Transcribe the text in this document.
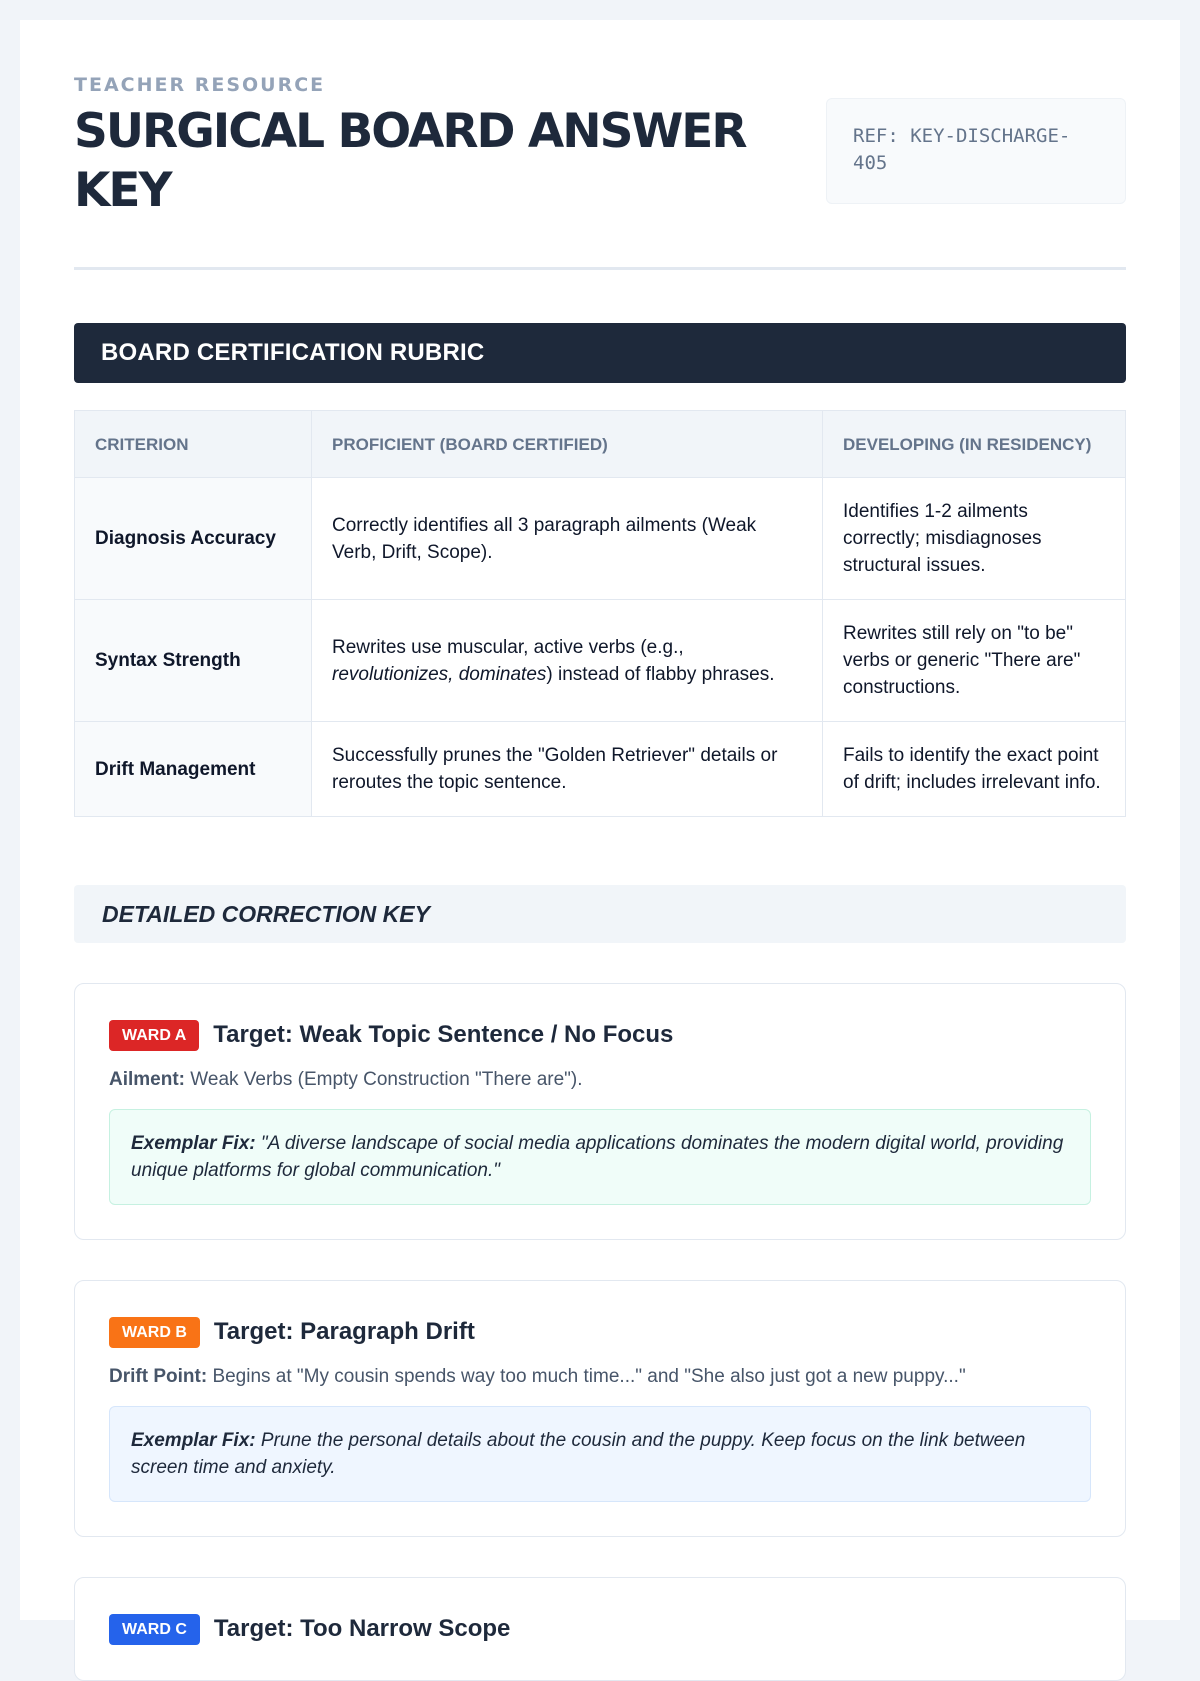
TEACHER RESOURCE

SURGICAL BOARD ANSWER KEY
REF: KEY-DISCHARGE-405
BOARD CERTIFICATION RUBRIC
CRITERION	PROFICIENT (BOARD CERTIFIED)	DEVELOPING (IN RESIDENCY)
Diagnosis Accuracy	Correctly identifies all 3 paragraph ailments (Weak Verb, Drift, Scope).	Identifies 1-2 ailments correctly; misdiagnoses structural issues.
Syntax Strength	Rewrites use muscular, active verbs (e.g., revolutionizes, dominates) instead of flabby phrases.	Rewrites still rely on "to be" verbs or generic "There are" constructions.
Drift Management	Successfully prunes the "Golden Retriever" details or reroutes the topic sentence.	Fails to identify the exact point of drift; includes irrelevant info.
DETAILED CORRECTION KEY
WARD A	Target: Weak Topic Sentence / No Focus
Ailment: Weak Verbs (Empty Construction "There are").
Exemplar Fix: "A diverse landscape of social media applications dominates the modern digital world, providing unique platforms for global communication."
WARD B	Target: Paragraph Drift
Drift Point: Begins at "My cousin spends way too much time..." and "She also just got a new puppy..."
Exemplar Fix: Prune the personal details about the cousin and the puppy. Keep focus on the link between screen time and anxiety.
WARD C	Target: Too Narrow Scope
